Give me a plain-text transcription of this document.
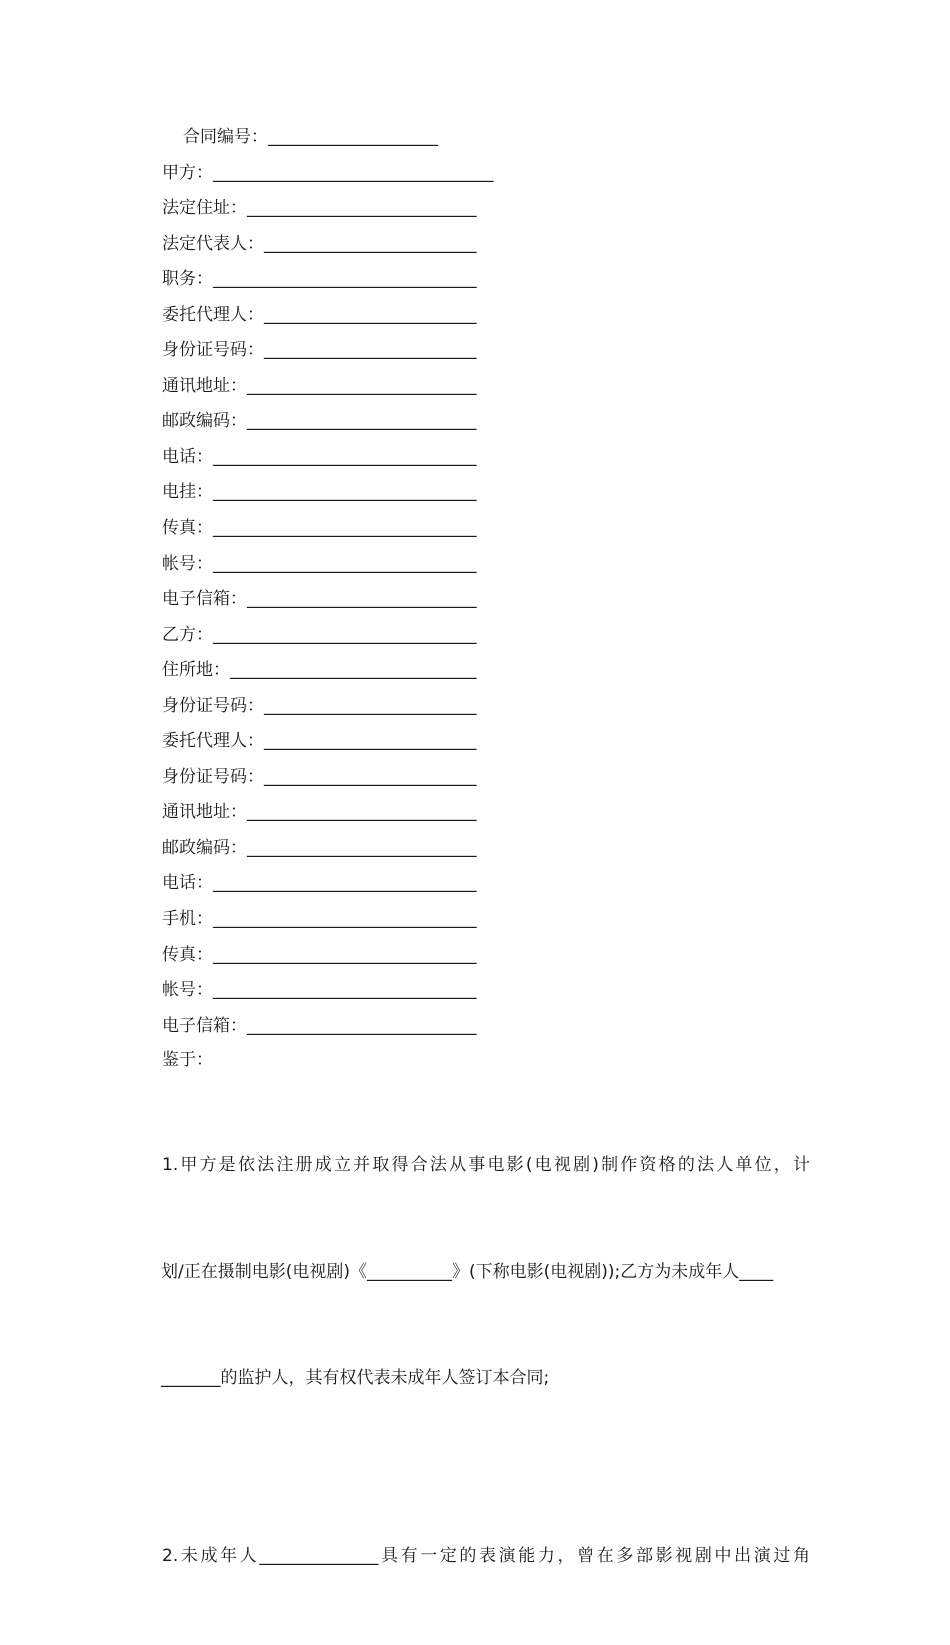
合同编号：____________________
甲方：_________________________________
法定住址：___________________________
法定代表人：_________________________
职务：_______________________________
委托代理人：_________________________
身份证号码：_________________________
通讯地址：___________________________
邮政编码：___________________________
电话：_______________________________
电挂：_______________________________
传真：_______________________________
帐号：_______________________________
电子信箱：___________________________
乙方：_______________________________
住所地：_____________________________
身份证号码：_________________________
委托代理人：_________________________
身份证号码：_________________________
通讯地址：___________________________
邮政编码：___________________________
电话：_______________________________
手机：_______________________________
传真：_______________________________
帐号：_______________________________
电子信箱：___________________________
鉴于：

1.甲方是依法注册成立并取得合法从事电影(电视剧)制作资格的法人单位，计

划/正在摄制电影(电视剧)《__________》(下称电影(电视剧));乙方为未成年人____

_______的监护人，其有权代表未成年人签订本合同;

2.未成年人______________具有一定的表演能力，曾在多部影视剧中出演过角
